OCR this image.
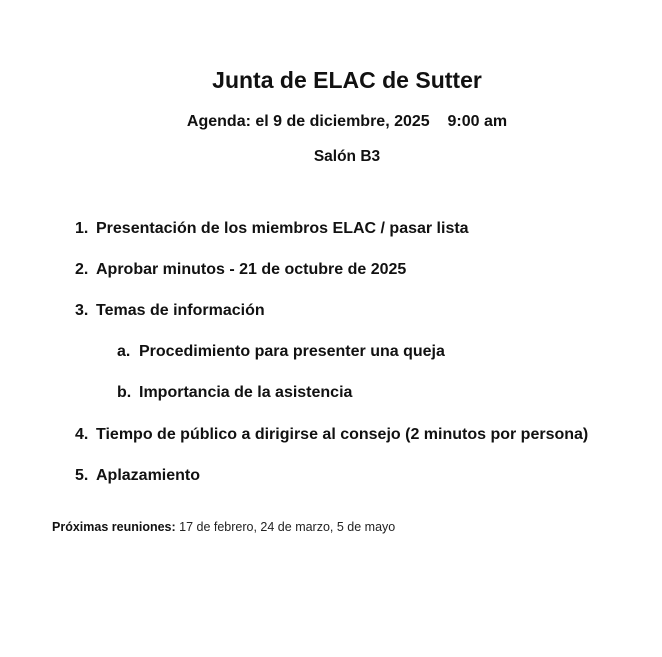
Junta de ELAC de Sutter
Agenda: el 9 de diciembre, 2025    9:00 am
Salón B3
1. Presentación de los miembros ELAC / pasar lista
2. Aprobar minutos - 21 de octubre de 2025
3. Temas de información
a. Procedimiento para presenter una queja
b. Importancia de la asistencia
4. Tiempo de público a dirigirse al consejo (2 minutos por persona)
5. Aplazamiento
Próximas reuniones: 17 de febrero, 24 de marzo, 5 de mayo
